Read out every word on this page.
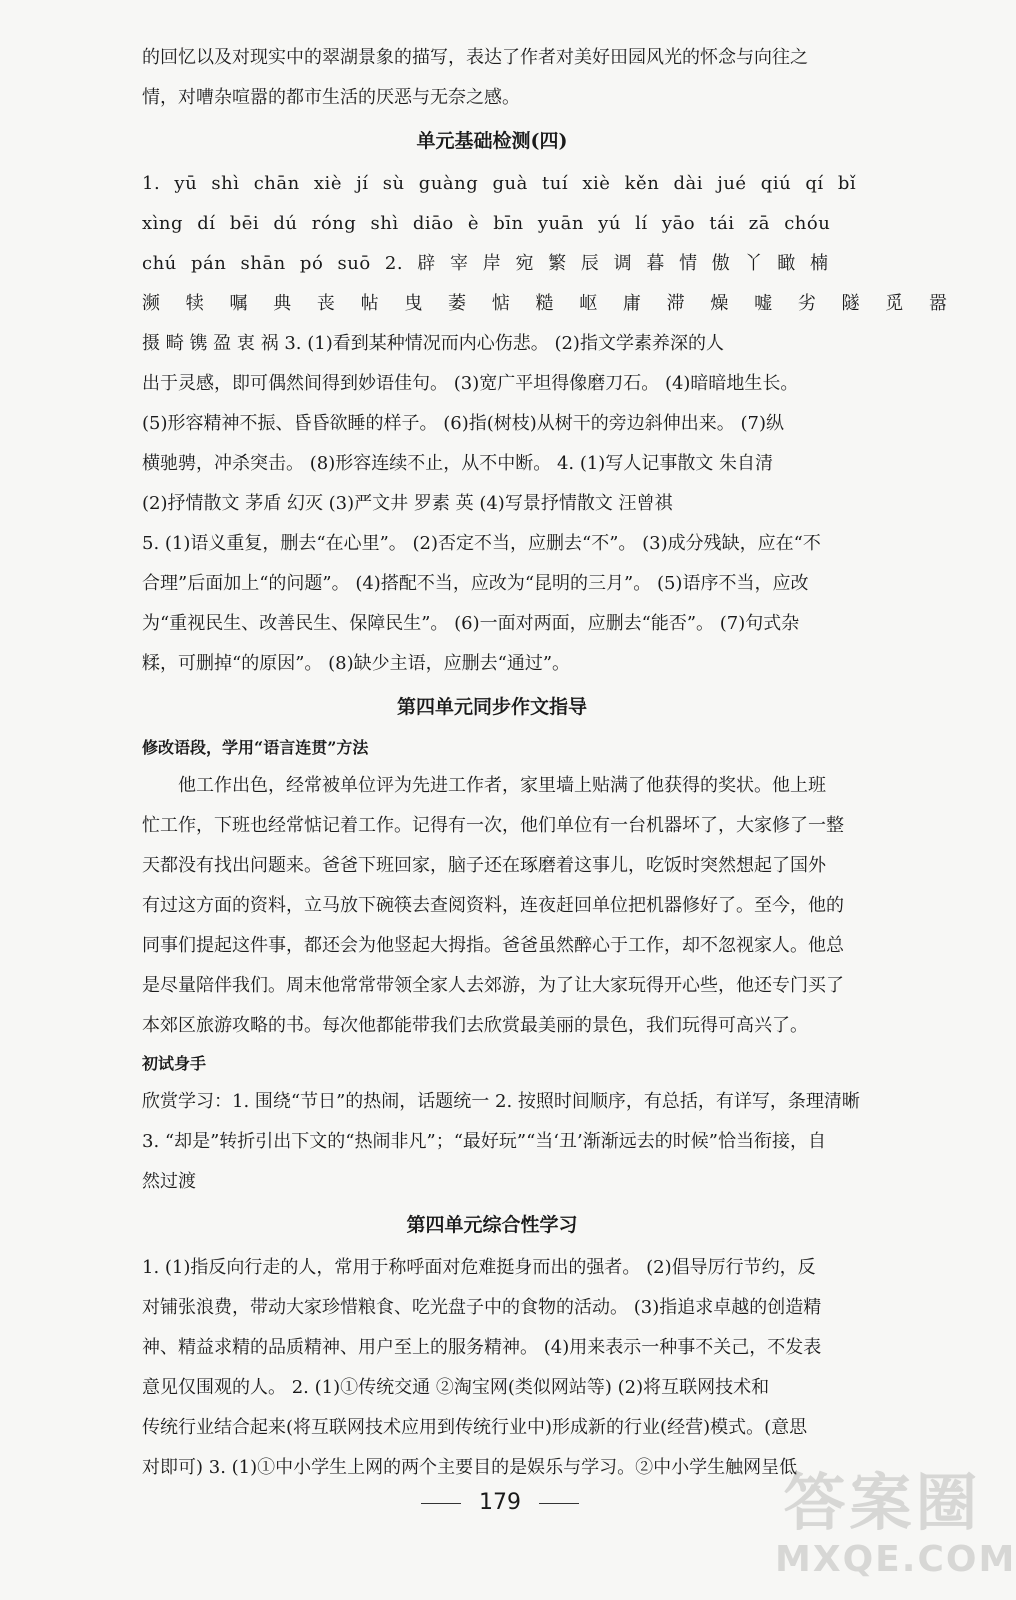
的回忆以及对现实中的翠湖景象的描写，表达了作者对美好田园风光的怀念与向往之
情，对嘈杂喧嚣的都市生活的厌恶与无奈之感。
单元基础检测(四)
1. yū shì chān xiè jí sù guàng guà tuí xiè kěn dài jué qiú qí bǐ
xìng dí bēi dú róng shì diāo è bīn yuān yú lí yāo tái zā chóu
chú pán shān pó suō 2. 辟 宰 岸 宛 繁 辰 调 暮 情 傲 丫 瞰 楠
濒 犊 嘱 典 丧 帖 曳 萎 惦 糙 岖 庸 滞 燥 嘘 劣 隧 觅 嚣
摄 畸 镌 盈 衷 祸 3. (1)看到某种情况而内心伤悲。 (2)指文学素养深的人
出于灵感，即可偶然间得到妙语佳句。 (3)宽广平坦得像磨刀石。 (4)暗暗地生长。
(5)形容精神不振、昏昏欲睡的样子。 (6)指(树枝)从树干的旁边斜伸出来。 (7)纵
横驰骋，冲杀突击。 (8)形容连续不止，从不中断。 4. (1)写人记事散文 朱自清
(2)抒情散文 茅盾 幻灭 (3)严文井 罗素 英 (4)写景抒情散文 汪曾祺
5. (1)语义重复，删去“在心里”。 (2)否定不当，应删去“不”。 (3)成分残缺，应在“不
合理”后面加上“的问题”。 (4)搭配不当，应改为“昆明的三月”。 (5)语序不当，应改
为“重视民生、改善民生、保障民生”。 (6)一面对两面，应删去“能否”。 (7)句式杂
糅，可删掉“的原因”。 (8)缺少主语，应删去“通过”。
第四单元同步作文指导
修改语段，学用“语言连贯”方法
他工作出色，经常被单位评为先进工作者，家里墙上贴满了他获得的奖状。他上班
忙工作，下班也经常惦记着工作。记得有一次，他们单位有一台机器坏了，大家修了一整
天都没有找出问题来。爸爸下班回家，脑子还在琢磨着这事儿，吃饭时突然想起了国外
有过这方面的资料，立马放下碗筷去查阅资料，连夜赶回单位把机器修好了。至今，他的
同事们提起这件事，都还会为他竖起大拇指。爸爸虽然醉心于工作，却不忽视家人。他总
是尽量陪伴我们。周末他常常带领全家人去郊游，为了让大家玩得开心些，他还专门买了
本郊区旅游攻略的书。每次他都能带我们去欣赏最美丽的景色，我们玩得可高兴了。
初试身手
欣赏学习：1. 围绕“节日”的热闹，话题统一 2. 按照时间顺序，有总括，有详写，条理清晰
3. “却是”转折引出下文的“热闹非凡”；“最好玩”“当‘丑’渐渐远去的时候”恰当衔接，自
然过渡
第四单元综合性学习
1. (1)指反向行走的人，常用于称呼面对危难挺身而出的强者。 (2)倡导厉行节约，反
对铺张浪费，带动大家珍惜粮食、吃光盘子中的食物的活动。 (3)指追求卓越的创造精
神、精益求精的品质精神、用户至上的服务精神。 (4)用来表示一种事不关己，不发表
意见仅围观的人。 2. (1)①传统交通 ②淘宝网(类似网站等) (2)将互联网技术和
传统行业结合起来(将互联网技术应用到传统行业中)形成新的行业(经营)模式。(意思
对即可) 3. (1)①中小学生上网的两个主要目的是娱乐与学习。②中小学生触网呈低
179	答案圈
MXQE.COM
